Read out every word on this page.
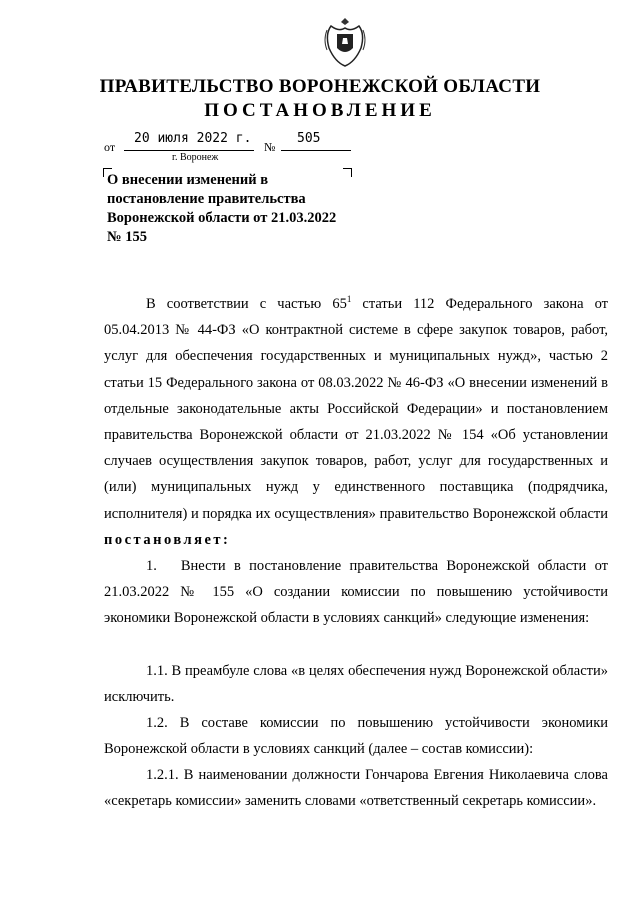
ПРАВИТЕЛЬСТВО ВОРОНЕЖСКОЙ ОБЛАСТИ
ПОСТАНОВЛЕНИЕ
от
20 июля 2022 г.
№
505
г. Воронеж
О внесении изменений в постановление правительства Воронежской области от 21.03.2022 № 155

В соответствии с частью $65^1$ статьи 112 Федерального закона от 05.04.2013 № 44-ФЗ «О контрактной системе в сфере закупок товаров, работ, услуг для обеспечения государственных и муниципальных нужд», частью 2 статьи 15 Федерального закона от 08.03.2022 № 46-ФЗ «О внесении изменений в отдельные законодательные акты Российской Федерации» и постановлением правительства Воронежской области от 21.03.2022 № 154 «Об установлении случаев осуществления закупок товаров, работ, услуг для государственных и (или) муниципальных нужд у единственного поставщика (подрядчика, исполнителя) и порядка их осуществления» правительство Воронежской области постановляет:

1. Внести в постановление правительства Воронежской области от 21.03.2022 № 155 «О создании комиссии по повышению устойчивости экономики Воронежской области в условиях санкций» следующие изменения:

1.1. В преамбуле слова «в целях обеспечения нужд Воронежской области» исключить.

1.2. В составе комиссии по повышению устойчивости экономики Воронежской области в условиях санкций (далее – состав комиссии):

1.2.1. В наименовании должности Гончарова Евгения Николаевича слова «секретарь комиссии» заменить словами «ответственный секретарь комиссии».
